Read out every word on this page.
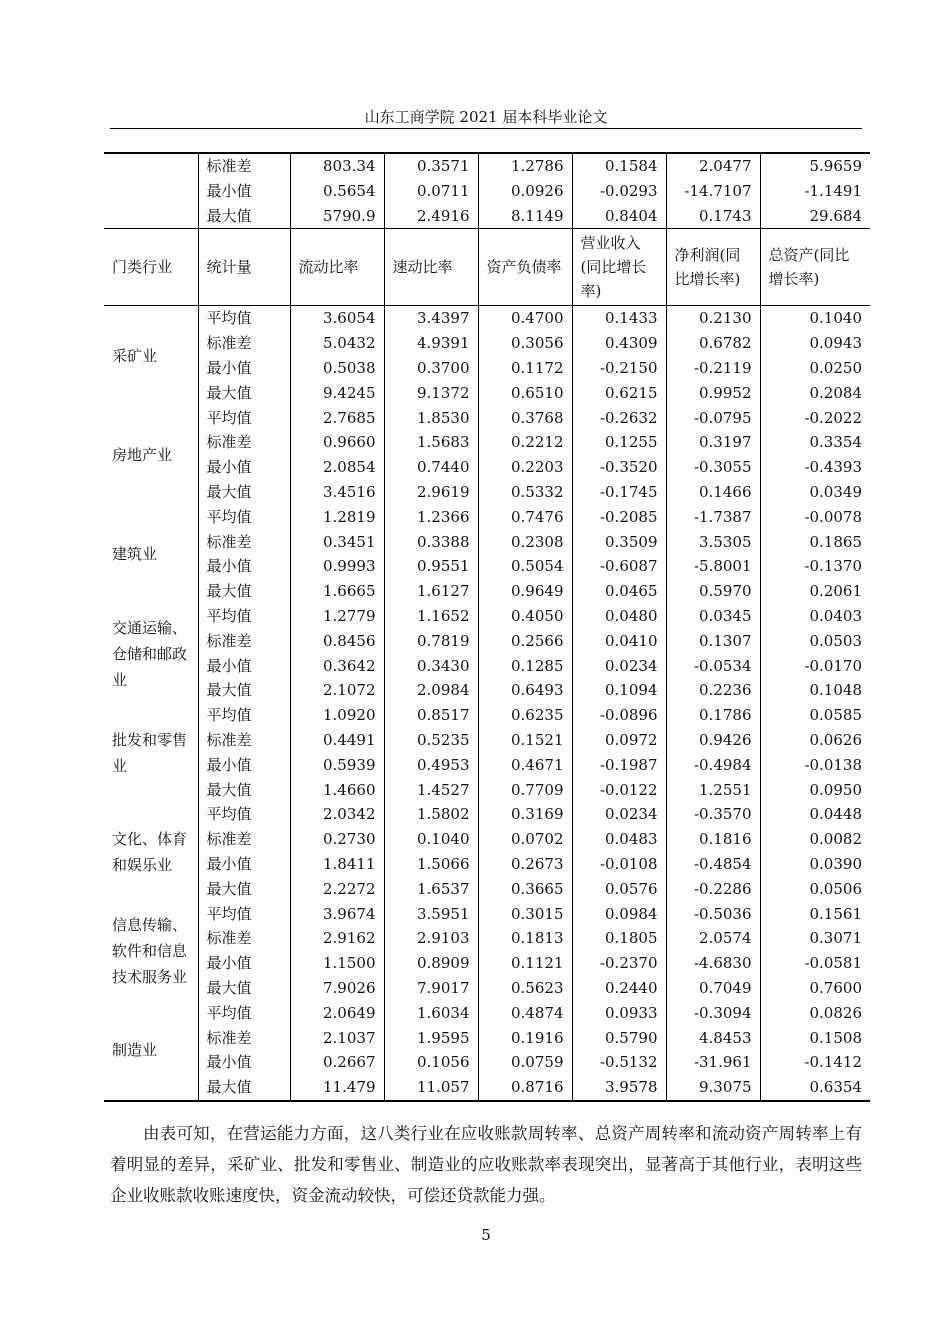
山东工商学院 2021 届本科毕业论文
	标准差	803.34	0.3571	1.2786	0.1584	2.0477	5.9659
	最小值	0.5654	0.0711	0.0926	-0.0293	-14.7107	-1.1491
	最大值	5790.9	2.4916	8.1149	0.8404	0.1743	29.684
门类行业	统计量	流动比率	速动比率	资产负债率	营业收入(同比增长率)	净利润(同比增长率)	总资产(同比增长率)
采矿业	平均值	3.6054	3.4397	0.4700	0.1433	0.2130	0.1040
	标准差	5.0432	4.9391	0.3056	0.4309	0.6782	0.0943
	最小值	0.5038	0.3700	0.1172	-0.2150	-0.2119	0.0250
	最大值	9.4245	9.1372	0.6510	0.6215	0.9952	0.2084
房地产业	平均值	2.7685	1.8530	0.3768	-0.2632	-0.0795	-0.2022
	标准差	0.9660	1.5683	0.2212	0.1255	0.3197	0.3354
	最小值	2.0854	0.7440	0.2203	-0.3520	-0.3055	-0.4393
	最大值	3.4516	2.9619	0.5332	-0.1745	0.1466	0.0349
建筑业	平均值	1.2819	1.2366	0.7476	-0.2085	-1.7387	-0.0078
	标准差	0.3451	0.3388	0.2308	0.3509	3.5305	0.1865
	最小值	0.9993	0.9551	0.5054	-0.6087	-5.8001	-0.1370
	最大值	1.6665	1.6127	0.9649	0.0465	0.5970	0.2061
交通运输、仓储和邮政业	平均值	1.2779	1.1652	0.4050	0.0480	0.0345	0.0403
	标准差	0.8456	0.7819	0.2566	0.0410	0.1307	0.0503
	最小值	0.3642	0.3430	0.1285	0.0234	-0.0534	-0.0170
	最大值	2.1072	2.0984	0.6493	0.1094	0.2236	0.1048
批发和零售业	平均值	1.0920	0.8517	0.6235	-0.0896	0.1786	0.0585
	标准差	0.4491	0.5235	0.1521	0.0972	0.9426	0.0626
	最小值	0.5939	0.4953	0.4671	-0.1987	-0.4984	-0.0138
	最大值	1.4660	1.4527	0.7709	-0.0122	1.2551	0.0950
文化、体育和娱乐业	平均值	2.0342	1.5802	0.3169	0.0234	-0.3570	0.0448
	标准差	0.2730	0.1040	0.0702	0.0483	0.1816	0.0082
	最小值	1.8411	1.5066	0.2673	-0.0108	-0.4854	0.0390
	最大值	2.2272	1.6537	0.3665	0.0576	-0.2286	0.0506
信息传输、软件和信息技术服务业	平均值	3.9674	3.5951	0.3015	0.0984	-0.5036	0.1561
	标准差	2.9162	2.9103	0.1813	0.1805	2.0574	0.3071
	最小值	1.1500	0.8909	0.1121	-0.2370	-4.6830	-0.0581
	最大值	7.9026	7.9017	0.5623	0.2440	0.7049	0.7600
制造业	平均值	2.0649	1.6034	0.4874	0.0933	-0.3094	0.0826
	标准差	2.1037	1.9595	0.1916	0.5790	4.8453	0.1508
	最小值	0.2667	0.1056	0.0759	-0.5132	-31.961	-0.1412
	最大值	11.479	11.057	0.8716	3.9578	9.3075	0.6354
由表可知，在营运能力方面，这八类行业在应收账款周转率、总资产周转率和流动资产周转率上有着明显的差异，采矿业、批发和零售业、制造业的应收账款率表现突出，显著高于其他行业，表明这些企业收账款收账速度快，资金流动较快，可偿还贷款能力强。
5
